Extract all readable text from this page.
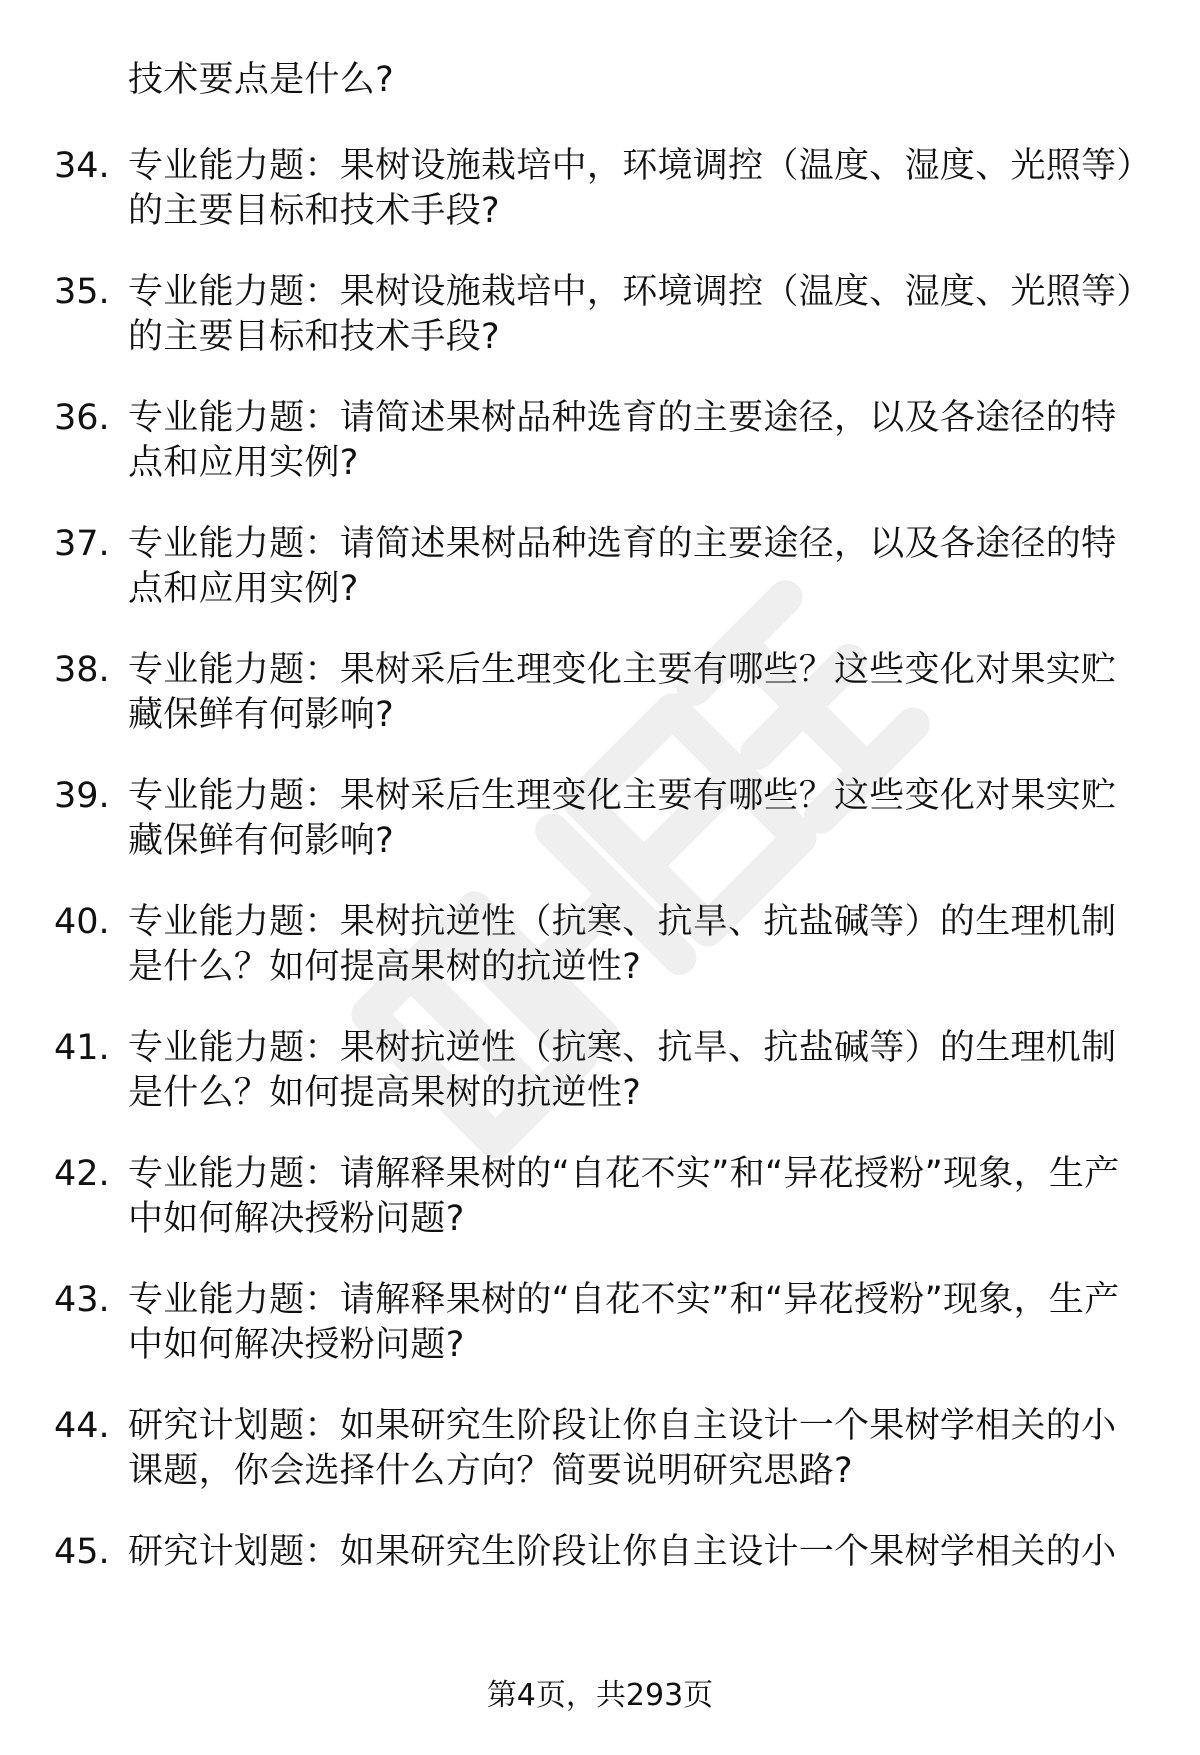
技术要点是什么?
34. 专业能力题：果树设施栽培中，环境调控（温度、湿度、光照等）的主要目标和技术手段?
35. 专业能力题：果树设施栽培中，环境调控（温度、湿度、光照等）的主要目标和技术手段?
36. 专业能力题：请简述果树品种选育的主要途径，以及各途径的特点和应用实例?
37. 专业能力题：请简述果树品种选育的主要途径，以及各途径的特点和应用实例?
38. 专业能力题：果树采后生理变化主要有哪些？这些变化对果实贮藏保鲜有何影响?
39. 专业能力题：果树采后生理变化主要有哪些？这些变化对果实贮藏保鲜有何影响?
40. 专业能力题：果树抗逆性（抗寒、抗旱、抗盐碱等）的生理机制是什么？如何提高果树的抗逆性?
41. 专业能力题：果树抗逆性（抗寒、抗旱、抗盐碱等）的生理机制是什么？如何提高果树的抗逆性?
42. 专业能力题：请解释果树的“自花不实”和“异花授粉”现象，生产中如何解决授粉问题?
43. 专业能力题：请解释果树的“自花不实”和“异花授粉”现象，生产中如何解决授粉问题?
44. 研究计划题：如果研究生阶段让你自主设计一个果树学相关的小课题，你会选择什么方向？简要说明研究思路?
45. 研究计划题：如果研究生阶段让你自主设计一个果树学相关的小
第4页，共293页
